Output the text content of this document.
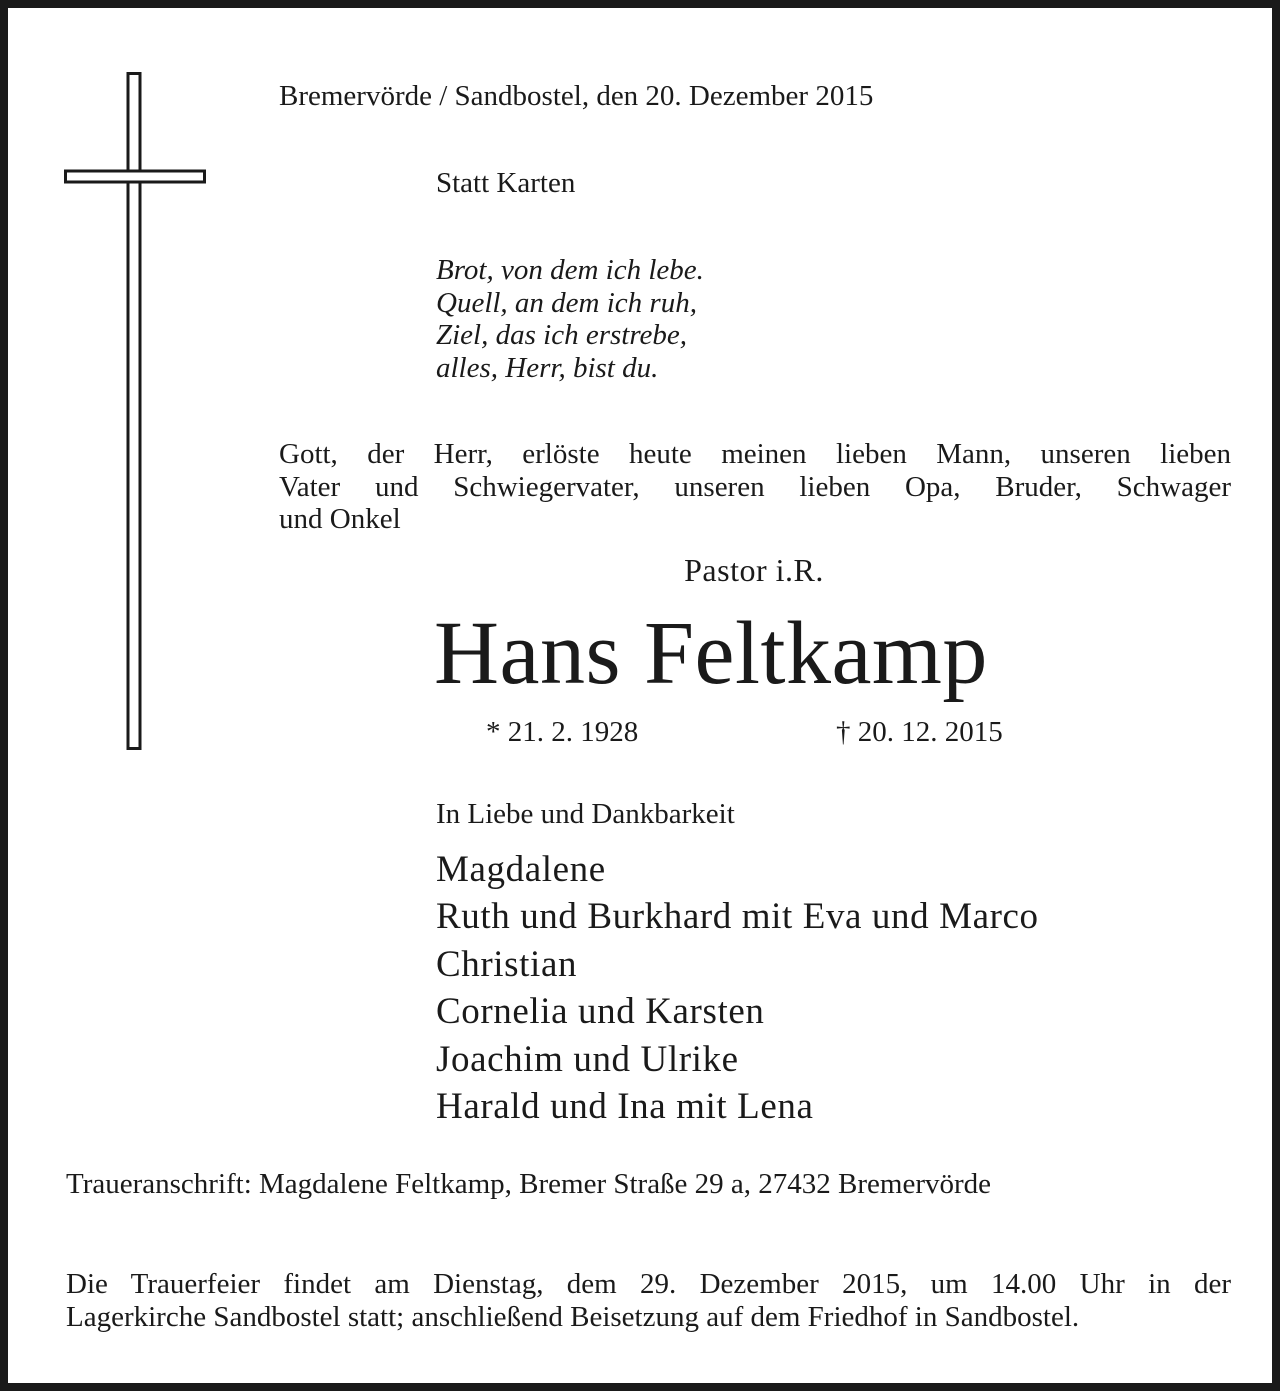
Bremervörde / Sandbostel, den 20. Dezember 2015
Statt Karten
Brot, von dem ich lebe.
Quell, an dem ich ruh,
Ziel, das ich erstrebe,
alles, Herr, bist du.
Gott, der Herr, erlöste heute meinen lieben Mann, unseren lieben
Vater und Schwiegervater, unseren lieben Opa, Bruder, Schwager
und Onkel
Pastor i.R.
Hans Feltkamp
* 21. 2. 1928	† 20. 12. 2015
In Liebe und Dankbarkeit
Magdalene
Ruth und Burkhard mit Eva und Marco
Christian
Cornelia und Karsten
Joachim und Ulrike
Harald und Ina mit Lena
Traueranschrift: Magdalene Feltkamp, Bremer Straße 29 a, 27432 Bremervörde
Die Trauerfeier findet am Dienstag, dem 29. Dezember 2015, um 14.00 Uhr in der
Lagerkirche Sandbostel statt; anschließend Beisetzung auf dem Friedhof in Sandbostel.
